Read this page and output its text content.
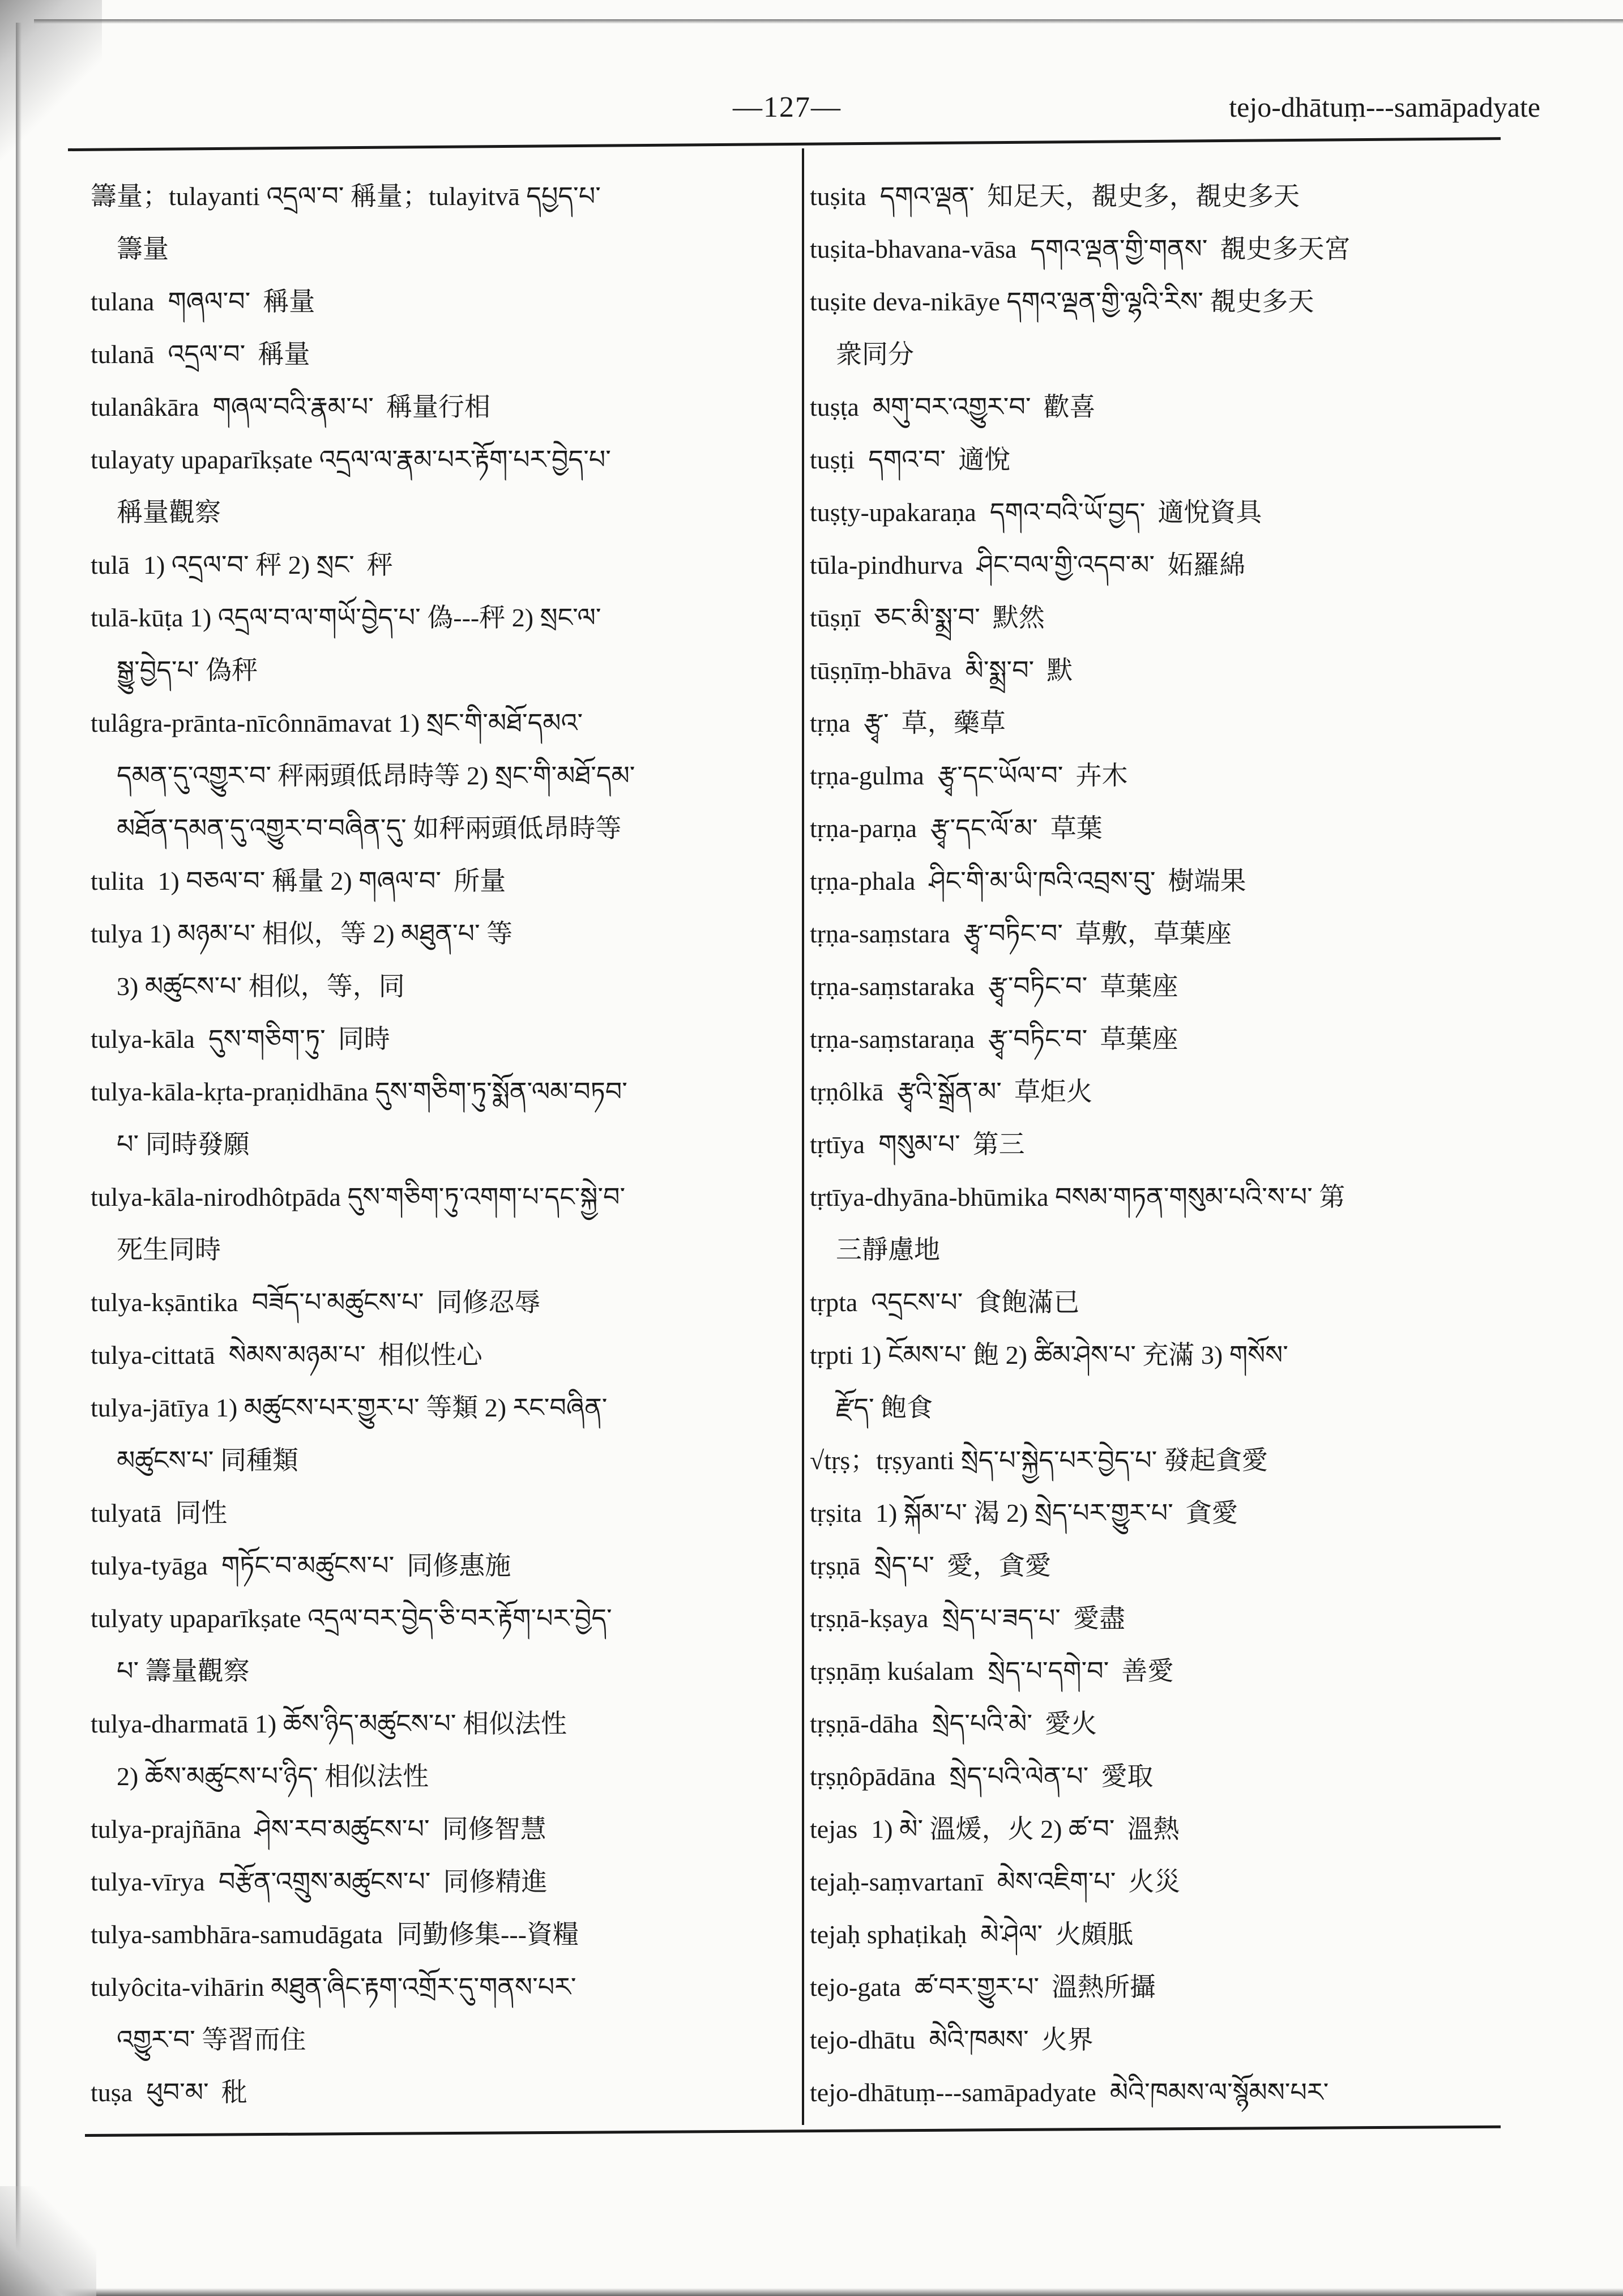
—127—	tejo-dhātuṃ---samāpadyate
籌量；tulayanti འདྲལ་བ་ 稱量；tulayitvā དཔྱད་པ་
籌量
tulana གཞལ་བ་ 稱量
tulanā འདྲལ་བ་ 稱量
tulanâkāra གཞལ་བའི་རྣམ་པ་ 稱量行相
tulayaty upaparīkṣate འདྲལ་ལ་རྣམ་པར་རྟོག་པར་བྱེད་པ་
稱量觀察
tulā 1) འདྲལ་བ་ 秤 2) སྲང་ 秤
tulā-kūṭa 1) འདྲལ་བ་ལ་གཡོ་བྱེད་པ་ 偽---秤 2) སྲང་ལ་
སྒྱུ་བྱེད་པ་ 偽秤
tulâgra-prānta-nīcônnāmavat 1) སྲང་གི་མཐོ་དམའ་
དམན་དུ་འགྱུར་བ་ 秤兩頭低昂時等 2) སྲང་གི་མཐོ་དམ་
མཐོན་དམན་དུ་འགྱུར་བ་བཞིན་དུ་ 如秤兩頭低昂時等
tulita 1) བཅལ་བ་ 稱量 2) གཞལ་བ་ 所量
tulya 1) མཉམ་པ་ 相似，等 2) མཐུན་པ་ 等
3) མཚུངས་པ་ 相似，等，同
tulya-kāla དུས་གཅིག་ཏུ་ 同時
tulya-kāla-kṛta-praṇidhāna དུས་གཅིག་ཏུ་སྨོན་ལམ་བཏབ་
པ་ 同時發願
tulya-kāla-nirodhôtpāda དུས་གཅིག་ཏུ་འགག་པ་དང་སྐྱེ་བ་
死生同時
tulya-kṣāntika བཟོད་པ་མཚུངས་པ་ 同修忍辱
tulya-cittatā སེམས་མཉམ་པ་ 相似性心
tulya-jātīya 1) མཚུངས་པར་གྱུར་པ་ 等類 2) རང་བཞིན་
མཚུངས་པ་ 同種類
tulyatā 同性
tulya-tyāga གཏོང་བ་མཚུངས་པ་ 同修惠施
tulyaty upaparīkṣate འདྲལ་བར་བྱེད་ཅི་བར་རྟོག་པར་བྱེད་
པ་ 籌量觀察
tulya-dharmatā 1) ཆོས་ཉིད་མཚུངས་པ་ 相似法性
2) ཆོས་མཚུངས་པ་ཉིད་ 相似法性
tulya-prajñāna ཤེས་རབ་མཚུངས་པ་ 同修智慧
tulya-vīrya བརྩོན་འགྲུས་མཚུངས་པ་ 同修精進
tulya-sambhāra-samudāgata 同勤修集---資糧
tulyôcita-vihārin མཐུན་ཞིང་རྟག་འགྲོར་དུ་གནས་པར་
འགྱུར་བ་ 等習而住
tuṣa ཕུབ་མ་ 秕
tuṣita དགའ་ལྡན་ 知足天，覩史多，覩史多天
tuṣita-bhavana-vāsa དགའ་ལྡན་གྱི་གནས་ 覩史多天宮
tuṣite deva-nikāye དགའ་ལྡན་གྱི་ལྷའི་རིས་ 覩史多天
衆同分
tuṣṭa མགུ་བར་འགྱུར་བ་ 歡喜
tuṣṭi དགའ་བ་ 適悅
tuṣṭy-upakaraṇa དགའ་བའི་ཡོ་བྱད་ 適悅資具
tūla-pindhurva ཤིང་བལ་གྱི་འདབ་མ་ 妬羅綿
tūṣṇī ཅང་མི་སྨྲ་བ་ 默然
tūṣṇīṃ-bhāva མི་སྨྲ་བ་ 默
tṛṇa རྩྭ་ 草，藥草
tṛṇa-gulma རྩྭ་དང་ཡོལ་བ་ 卉木
tṛṇa-parṇa རྩྭ་དང་ལོ་མ་ 草葉
tṛṇa-phala ཤིང་གི་མ་ཡི་ཁའི་འབྲས་བུ་ 樹端果
tṛṇa-saṃstara རྩྭ་བཏིང་བ་ 草敷，草葉座
tṛṇa-saṃstaraka རྩྭ་བཏིང་བ་ 草葉座
tṛṇa-saṃstaraṇa རྩྭ་བཏིང་བ་ 草葉座
tṛṇôlkā རྩྭའི་སྒྲོན་མ་ 草炬火
tṛtīya གསུམ་པ་ 第三
tṛtīya-dhyāna-bhūmika བསམ་གཏན་གསུམ་པའི་ས་པ་ 第
三靜慮地
tṛpta འདྲངས་པ་ 食飽滿已
tṛpti 1) ངོམས་པ་ 飽 2) ཚིམ་ཤེས་པ་ 充滿 3) གསོས་
རྫོད་ 飽食
√tṛṣ；tṛṣyanti སྲེད་པ་སྐྱེད་པར་བྱེད་པ་ 發起貪愛
tṛṣita 1) སྐོམ་པ་ 渴 2) སྲེད་པར་གྱུར་པ་ 貪愛
tṛṣṇā སྲེད་པ་ 愛，貪愛
tṛṣṇā-kṣaya སྲེད་པ་ཟད་པ་ 愛盡
tṛṣṇāṃ kuśalam སྲེད་པ་དགེ་བ་ 善愛
tṛṣṇā-dāha སྲེད་པའི་མེ་ 愛火
tṛṣṇôpādāna སྲེད་པའི་ལེན་པ་ 愛取
tejas 1) མེ་ 溫煖，火 2) ཚ་བ་ 溫熱
tejaḥ-saṃvartanī མེས་འཇིག་པ་ 火災
tejaḥ sphaṭikaḥ མེ་ཤེལ་ 火頗胝
tejo-gata ཚ་བར་གྱུར་པ་ 溫熱所攝
tejo-dhātu མེའི་ཁམས་ 火界
tejo-dhātuṃ---samāpadyate མེའི་ཁམས་ལ་སྙོམས་པར་
